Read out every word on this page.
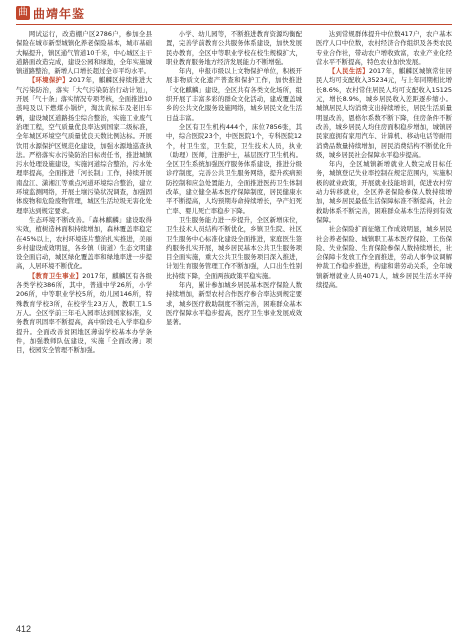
曲 曲靖年鉴

网试运行，改造棚户区2786户，参加全县保险在城市新型城镇化养老保险基本，城市基础大幅提升，镇区通气管道10千米，中心城区主干道路面改造完成，建设公园和绿地，全年实施城镇道路整治，新增人口增长超过全市平均水平。

【环境保护】2017年，麒麟区持续推进大气污染防治，落实「大气污染防治行动计划」，开展「气十条」落实情况专项考核，全面推进10蒸吨及以下燃煤小锅炉，淘汰黄标车及老旧车辆，建设城区道路扬尘综合整治，实施工业废气治理工程，空气质量优良率达到国家二级标准，全年城区环境空气质量优良天数比例达标。开展饮用水源保护区规范化建设，加强水源地巡查执法。严格落实水污染防治目标责任书，推进城镇污水处理设施建设，实施河道综合整治，污水处理率提高，全面推进「河长制」工作，持续开展南盘江、潇湘江等重点河道环境综合整治，建立环境监测网络，开展土壤污染状况调查，加强固体废物和危险废物管理，城区生活垃圾无害化处理率达到规定要求。

生态环境不断改善。「森林麒麟」建设取得实效，植树造林面积持续增加，森林覆盖率稳定在45%以上，农村环境连片整治扎实推进，美丽乡村建设成效明显，各乡镇（街道）生态文明建设全面启动，城区绿化覆盖率和绿地率进一步提高，人居环境不断优化。

【教育卫生事业】2017年，麒麟区有各级各类学校386所，其中，普通中学26所，小学206所，中等职业学校5所，幼儿园146所，特殊教育学校3所，在校学生23万人，教职工1.5万人。全区学前三年毛入园率达到国家标准，义务教育巩固率不断提高，高中阶段毛入学率稳步提升。全面改善贫困地区薄弱学校基本办学条件，加强教师队伍建设，实施「全面改薄」项目，校园安全管理不断加强。

小学、幼儿园等，不断推进教育资源均衡配置，完善学前教育公共服务体系建设，加快发展民办教育，全区中等职业学校在校生规模扩大，职业教育服务地方经济发展能力不断增强。

年内，申报市级以上文物保护单位，积极开展非物质文化遗产普查和保护工作，加快推进「文化麒麟」建设，全区共有各类文化场所，组织开展了丰富多彩的群众文化活动，建成覆盖城乡的公共文化服务设施网络，城乡居民文化生活日益丰富。

全区有卫生机构444个，床位7856张，其中，综合医院23个，中医医院1个，专科医院12个，村卫生室，卫生院，卫生技术人员，执业（助理）医师，注册护士，基层医疗卫生机构。全区卫生系统加强医疗服务体系建设，推进分级诊疗制度，完善公共卫生服务网络，提升疾病预防控制和应急处置能力，全面推进医药卫生体制改革，建立健全基本医疗保障制度，居民健康水平不断提高，人均预期寿命持续增长，孕产妇死亡率、婴儿死亡率稳步下降。

卫生服务能力进一步提升，全区新增床位，卫生技术人员结构不断优化，乡镇卫生院、社区卫生服务中心标准化建设全面推进，家庭医生签约服务扎实开展，城乡居民基本公共卫生服务项目全面实施，重大公共卫生服务项目深入推进，计划生育服务管理工作不断加强，人口出生性别比持续下降，全面两孩政策平稳实施。

年内，累计参加城乡居民基本医疗保险人数持续增加，新型农村合作医疗参合率达到规定要求，城乡医疗救助制度不断完善，困难群众基本医疗保障水平稳步提高，医疗卫生事业发展成效显著。

达到常规群体提升中位数417户，农户基本医疗人口中位数，农村经济合作组织及各类农民专业合作社，带动农户增收致富，农业产业化经营水平不断提高，特色农业加快发展。

【人民生活】2017年，麒麟区城镇常住居民人均可支配收入35234元，与上年同期相比增长8.6%，农村常住居民人均可支配收入15125元，增长8.9%，城乡居民收入差距逐步缩小。城镇居民人均消费支出持续增长，居民生活质量明显改善，恩格尔系数不断下降，住房条件不断改善，城乡居民人均住房面积稳步增加，城镇居民家庭拥有家用汽车、计算机、移动电话等耐用消费品数量持续增加，居民消费结构不断优化升级，城乡居民社会保障水平稳步提高。

年内，全区城镇新增就业人数完成目标任务，城镇登记失业率控制在规定范围内，实施积极的就业政策，开展就业技能培训，促进农村劳动力转移就业，全区养老保险参保人数持续增加，城乡居民最低生活保障标准不断提高，社会救助体系不断完善，困难群众基本生活得到有效保障。

社会保险扩面征缴工作成效明显，城乡居民社会养老保险、城镇职工基本医疗保险、工伤保险、失业保险、生育保险参保人数持续增长，社会保障卡发放工作全面推进，劳动人事争议调解仲裁工作稳步推进，构建和谐劳动关系，全年城镇新增就业人员4071人，城乡居民生活水平持续提高。

412
